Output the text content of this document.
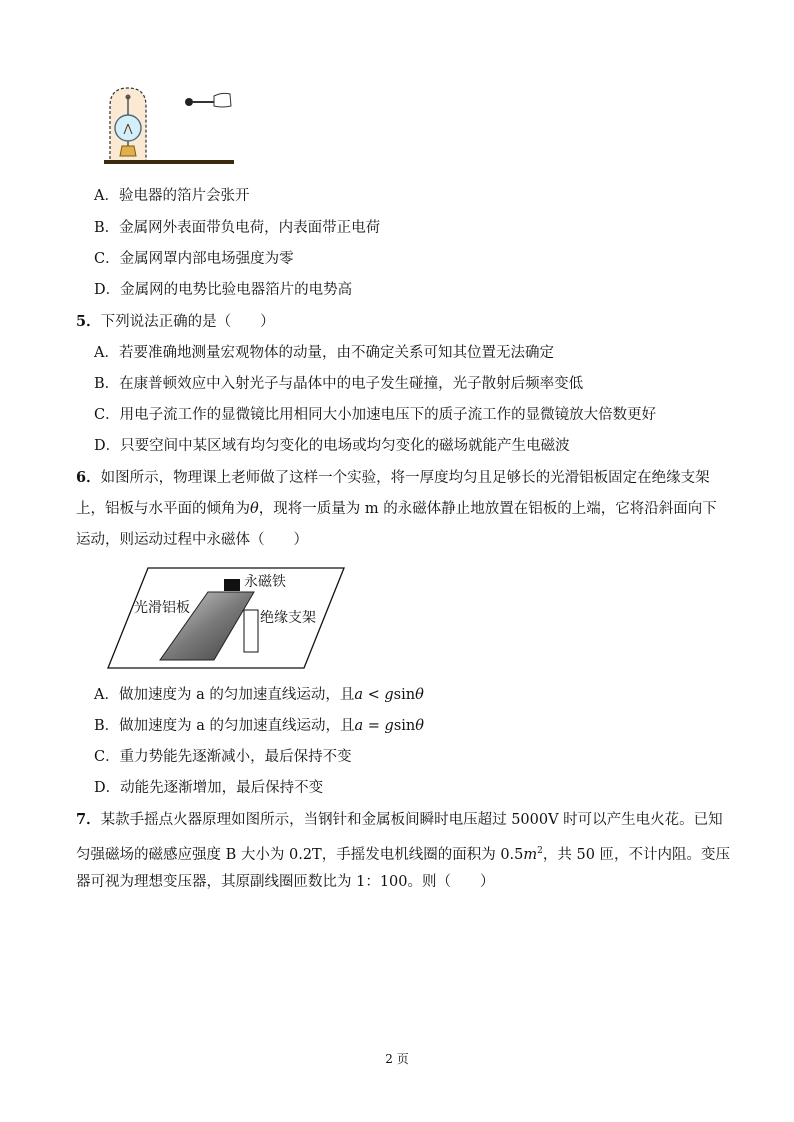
A．验电器的箔片会张开
B．金属网外表面带负电荷，内表面带正电荷
C．金属网罩内部电场强度为零
D．金属网的电势比验电器箔片的电势高
5．下列说法正确的是（　　）
A．若要准确地测量宏观物体的动量，由不确定关系可知其位置无法确定
B．在康普顿效应中入射光子与晶体中的电子发生碰撞，光子散射后频率变低
C．用电子流工作的显微镜比用相同大小加速电压下的质子流工作的显微镜放大倍数更好
D．只要空间中某区域有均匀变化的电场或均匀变化的磁场就能产生电磁波
6．如图所示，物理课上老师做了这样一个实验，将一厚度均匀且足够长的光滑铝板固定在绝缘支架
上，铝板与水平面的倾角为θ，现将一质量为 m 的永磁体静止地放置在铝板的上端，它将沿斜面向下
运动，则运动过程中永磁体（　　）
永磁铁
光滑铝板
绝缘支架
A．做加速度为 a 的匀加速直线运动，且a < gsinθ
B．做加速度为 a 的匀加速直线运动，且a = gsinθ
C．重力势能先逐渐减小，最后保持不变
D．动能先逐渐增加，最后保持不变
7．某款手摇点火器原理如图所示，当钢针和金属板间瞬时电压超过 5000V 时可以产生电火花。已知
匀强磁场的磁感应强度 B 大小为 0.2T，手摇发电机线圈的面积为 $0.5m^2$，共 50 匝，不计内阻。变压
器可视为理想变压器，其原副线圈匝数比为 1：100。则（　　）
2 页
